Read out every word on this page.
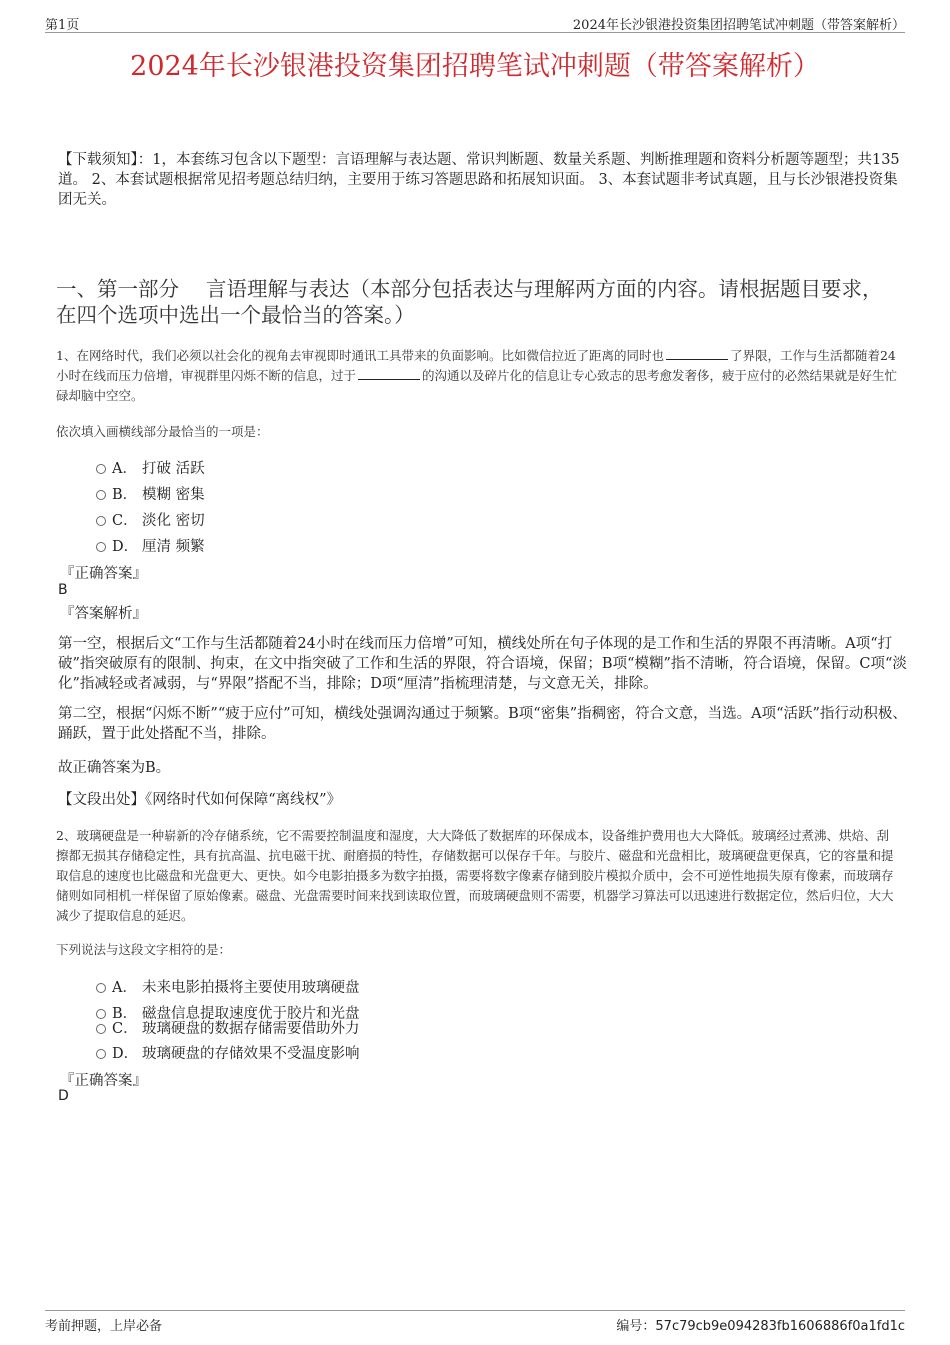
第1页	2024年长沙银港投资集团招聘笔试冲刺题（带答案解析）
2024年长沙银港投资集团招聘笔试冲刺题（带答案解析）
【下载须知】：1，本套练习包含以下题型：言语理解与表达题、常识判断题、数量关系题、判断推理题和资料分析题等题型；共135道。 2、本套试题根据常见招考题总结归纳，主要用于练习答题思路和拓展知识面。 3、本套试题非考试真题，且与长沙银港投资集团无关。
一、第一部分　 言语理解与表达（本部分包括表达与理解两方面的内容。请根据题目要求，在四个选项中选出一个最恰当的答案。）
1、在网络时代，我们必须以社会化的视角去审视即时通讯工具带来的负面影响。比如微信拉近了距离的同时也	了界限，工作与生活都随着24小时在线而压力倍增，审视群里闪烁不断的信息，过于	的沟通以及碎片化的信息让专心致志的思考愈发奢侈，疲于应付的必然结果就是好生忙碌却脑中空空。
依次填入画横线部分最恰当的一项是：
A． 打破 活跃
B． 模糊 密集
C． 淡化 密切
D． 厘清 频繁
『正确答案』
B
『答案解析』
第一空，根据后文“工作与生活都随着24小时在线而压力倍增”可知，横线处所在句子体现的是工作和生活的界限不再清晰。A项“打破”指突破原有的限制、拘束，在文中指突破了工作和生活的界限，符合语境，保留；B项“模糊”指不清晰，符合语境，保留。C项“淡化”指减轻或者减弱，与“界限”搭配不当，排除；D项“厘清”指梳理清楚，与文意无关，排除。
第二空，根据“闪烁不断”“疲于应付”可知，横线处强调沟通过于频繁。B项“密集”指稠密，符合文意，当选。A项“活跃”指行动积极、踊跃，置于此处搭配不当，排除。
故正确答案为B。
【文段出处】《网络时代如何保障“离线权”》
2、玻璃硬盘是一种崭新的冷存储系统，它不需要控制温度和湿度，大大降低了数据库的环保成本，设备维护费用也大大降低。玻璃经过煮沸、烘焙、刮擦都无损其存储稳定性，具有抗高温、抗电磁干扰、耐磨损的特性，存储数据可以保存千年。与胶片、磁盘和光盘相比，玻璃硬盘更保真，它的容量和提取信息的速度也比磁盘和光盘更大、更快。如今电影拍摄多为数字拍摄，需要将数字像素存储到胶片模拟介质中，会不可逆性地损失原有像素，而玻璃存储则如同相机一样保留了原始像素。磁盘、光盘需要时间来找到读取位置，而玻璃硬盘则不需要，机器学习算法可以迅速进行数据定位，然后归位，大大减少了提取信息的延迟。
下列说法与这段文字相符的是：
A． 未来电影拍摄将主要使用玻璃硬盘
B． 磁盘信息提取速度优于胶片和光盘
C． 玻璃硬盘的数据存储需要借助外力
D． 玻璃硬盘的存储效果不受温度影响
『正确答案』
D
考前押题，上岸必备	编号：57c79cb9e094283fb1606886f0a1fd1c
